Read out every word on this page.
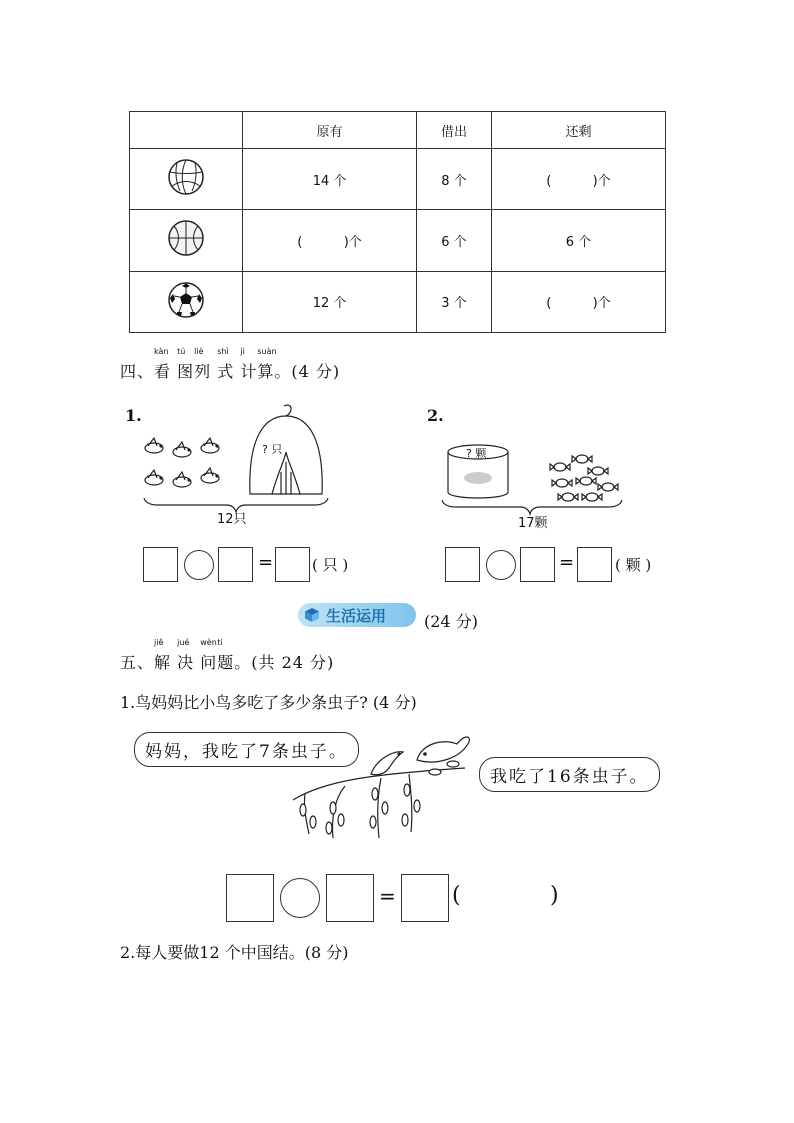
	原有	借出	还剩
	14 个	8 个	(          )个
	(          )个	6 个	6 个
	12 个	3 个	(          )个
四、
kàn
看
tú
图
liè
列
shì
式
jì
计
suàn
算。(4 分)
1.
? 只
12只
=	( 只 )
2.
? 颗
17颗
=	( 颗 )
生活运用 (24 分)
五、
jiě
解
jué
决
wèn
问
tí
题。(共 24 分)
1.鸟妈妈比小鸟多吃了多少条虫子? (4 分)
妈妈，我吃了7条虫子。
我吃了16条虫子。
=	(	)
2.每人要做12 个中国结。(8 分)
